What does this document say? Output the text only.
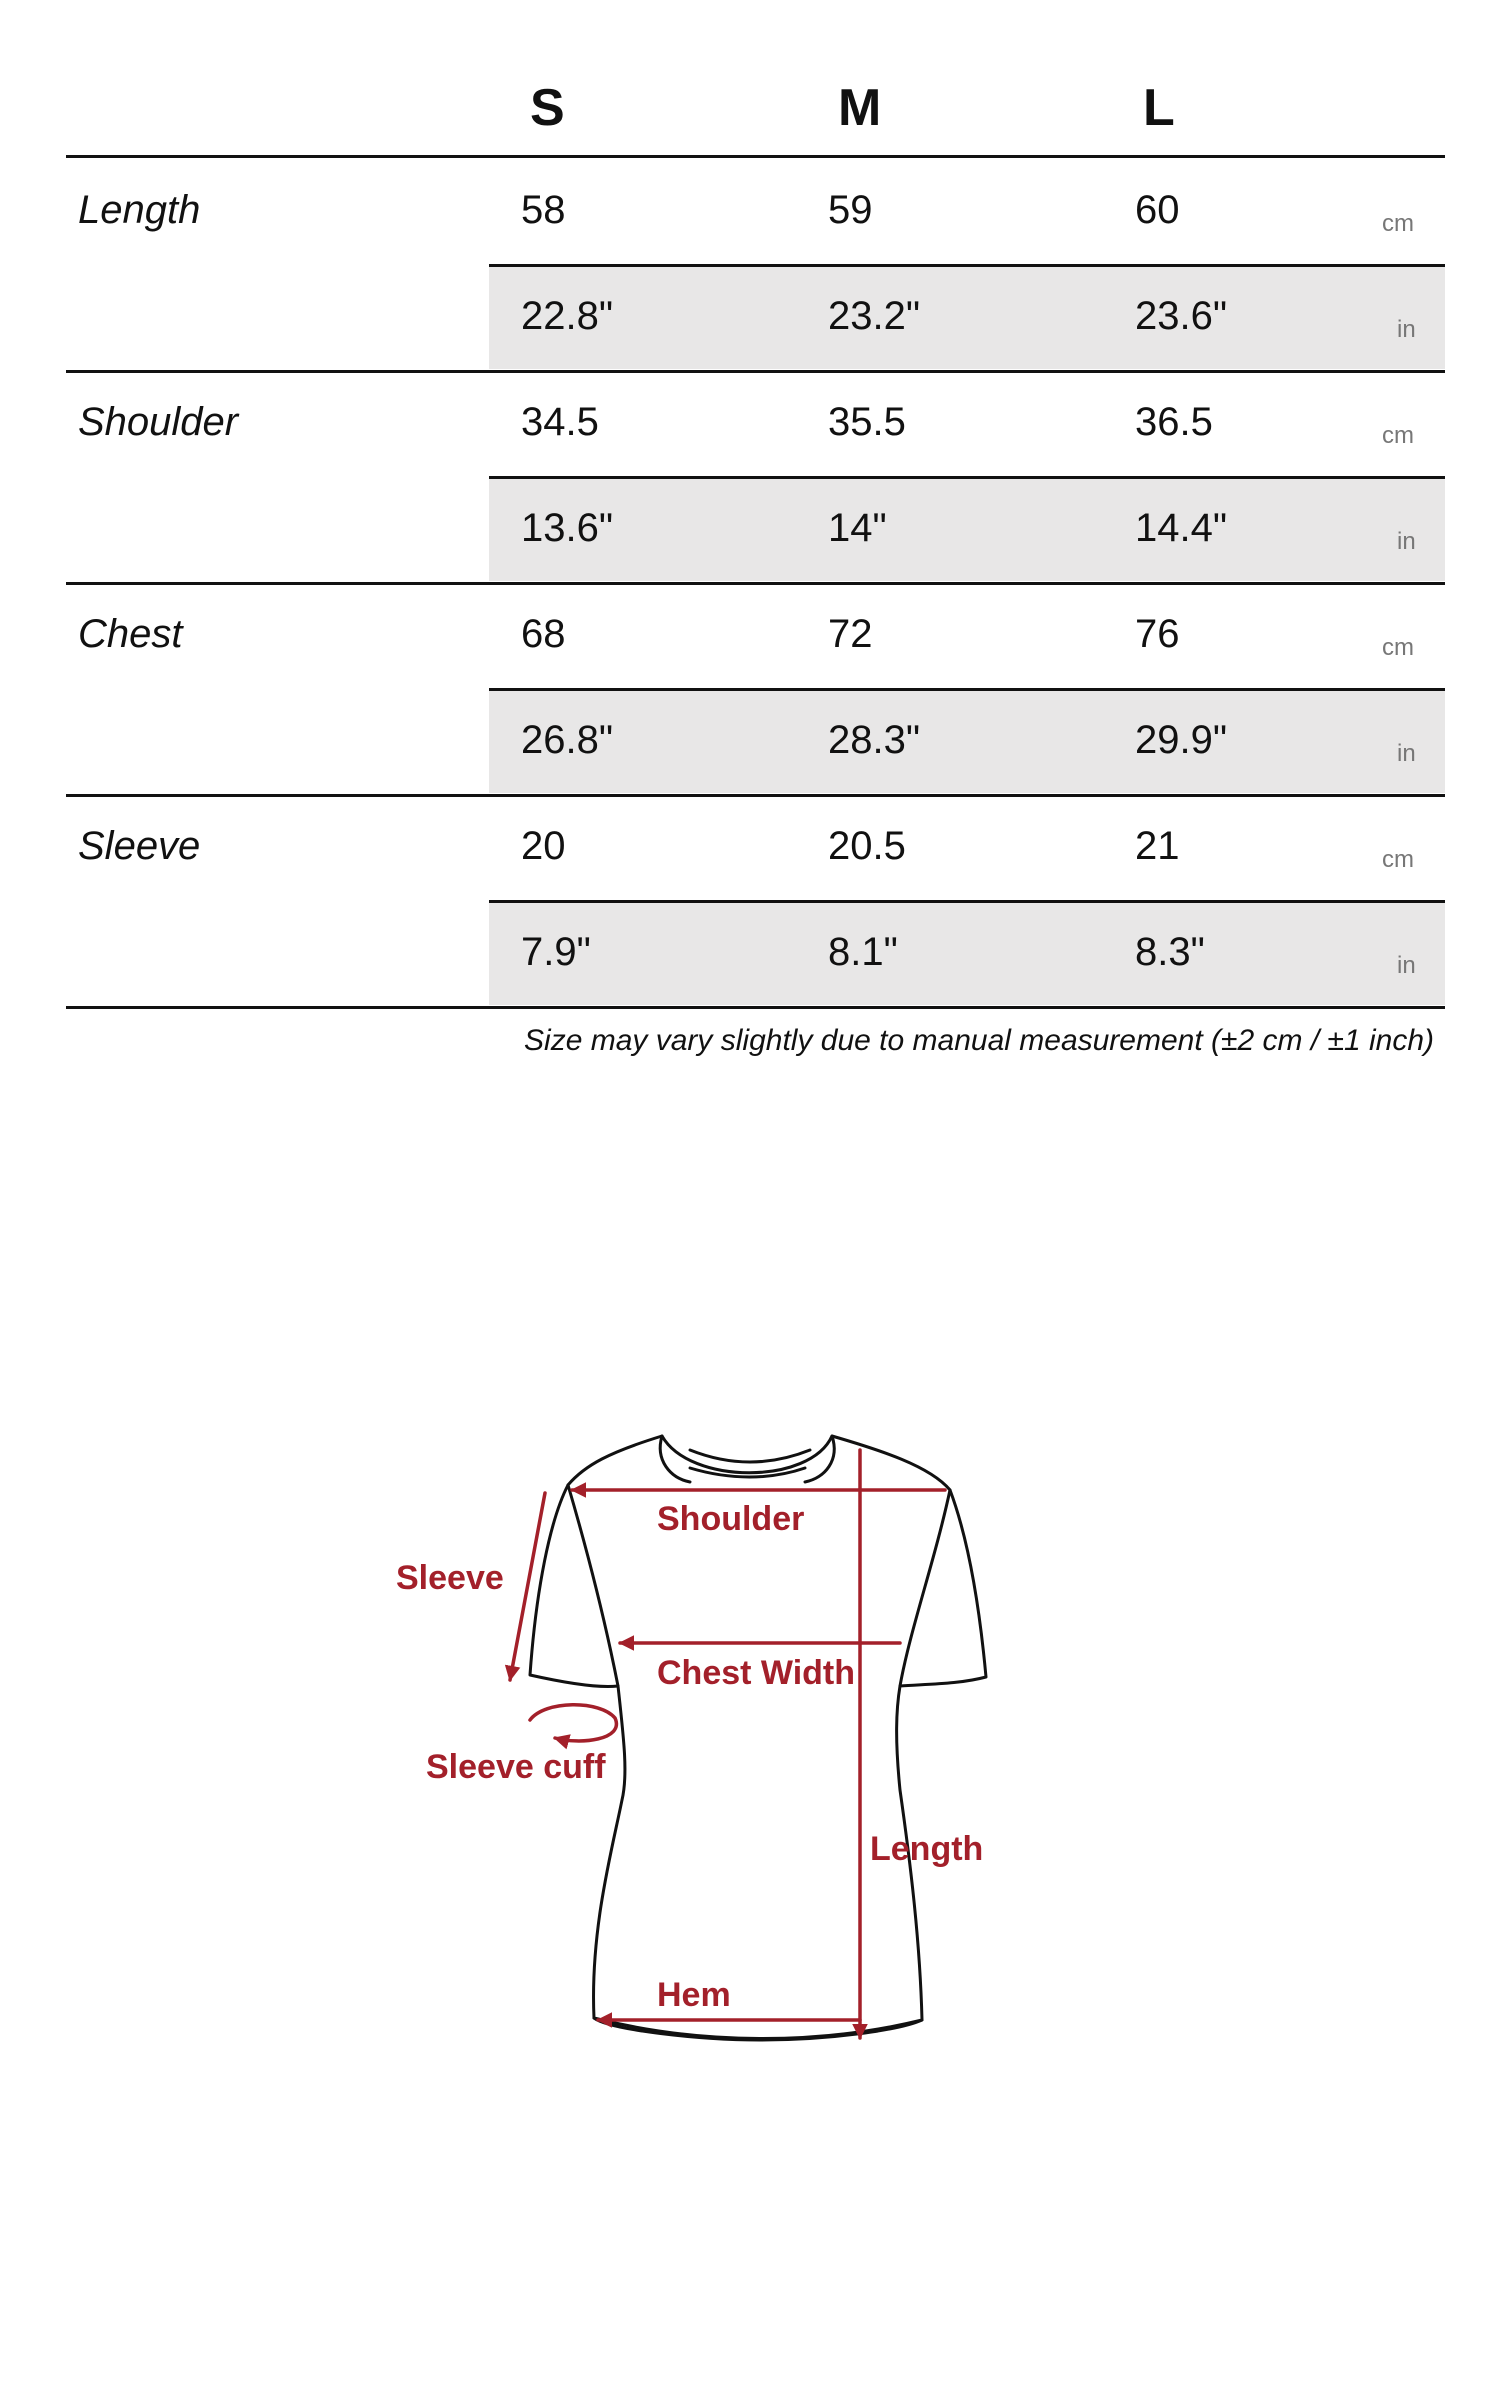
S	M	L
Length	58	59	60	cm
22.8"	23.2"	23.6"	in
Shoulder	34.5	35.5	36.5	cm
13.6"	14"	14.4"	in
Chest	68	72	76	cm
26.8"	28.3"	29.9"	in
Sleeve	20	20.5	21	cm
7.9"	8.1"	8.3"	in
Size may vary slightly due to manual measurement (±2 cm / ±1 inch)
Shoulder
Sleeve
Chest Width
Sleeve cuff
Length
Hem
